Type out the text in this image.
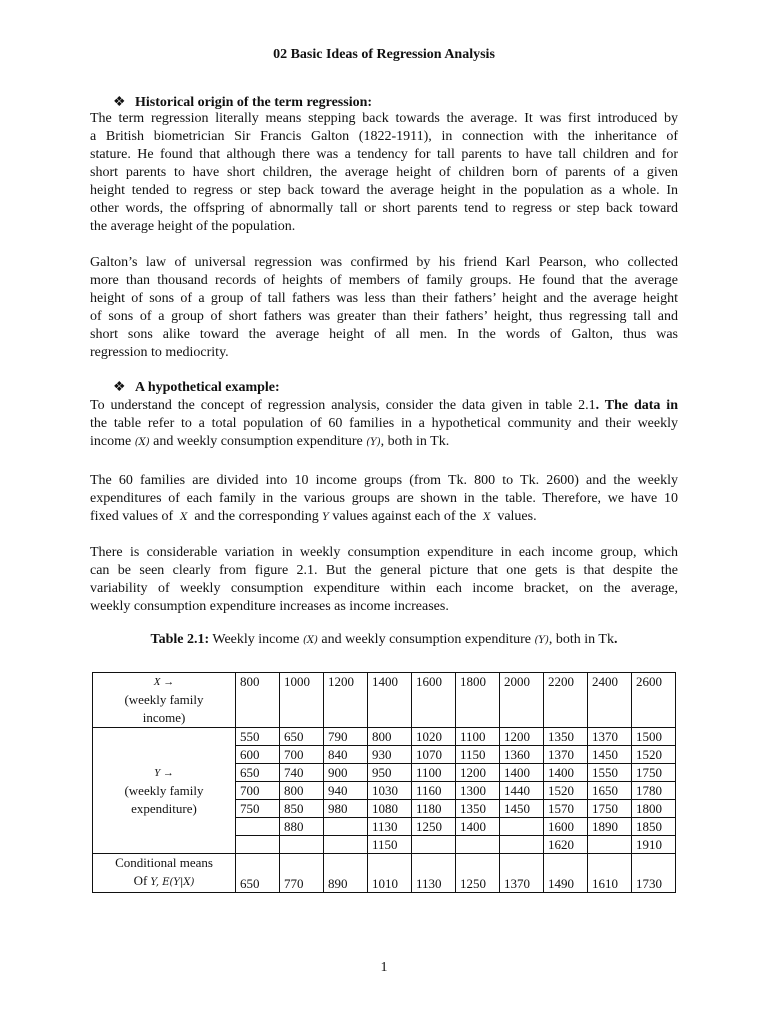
02 Basic Ideas of Regression Analysis
❖ Historical origin of the term regression:
The term regression literally means stepping back towards the average. It was first introduced by
a British biometrician Sir Francis Galton (1822-1911), in connection with the inheritance of
stature. He found that although there was a tendency for tall parents to have tall children and for
short parents to have short children, the average height of children born of parents of a given
height tended to regress or step back toward the average height in the population as a whole. In
other words, the offspring of abnormally tall or short parents tend to regress or step back toward
the average height of the population.
Galton’s law of universal regression was confirmed by his friend Karl Pearson, who collected
more than thousand records of heights of members of family groups. He found that the average
height of sons of a group of tall fathers was less than their fathers’ height and the average height
of sons of a group of short fathers was greater than their fathers’ height, thus regressing tall and
short sons alike toward the average height of all men. In the words of Galton, thus was
regression to mediocrity.
❖ A hypothetical example:
To understand the concept of regression analysis, consider the data given in table 2.1. The data in
the table refer to a total population of 60 families in a hypothetical community and their weekly
income (X) and weekly consumption expenditure (Y), both in Tk.
The 60 families are divided into 10 income groups (from Tk. 800 to Tk. 2600) and the weekly
expenditures of each family in the various groups are shown in the table. Therefore, we have 10
fixed values of X and the corresponding Y values against each of the X values.
There is considerable variation in weekly consumption expenditure in each income group, which
can be seen clearly from figure 2.1. But the general picture that one gets is that despite the
variability of weekly consumption expenditure within each income bracket, on the average,
weekly consumption expenditure increases as income increases.
Table 2.1: Weekly income (X) and weekly consumption expenditure (Y), both in Tk.
X →
(weekly family income)	800	1000	1200	1400	1600	1800	2000	2200	2400	2600

Y →
(weekly family expenditure)	550	650	790	800	1020	1100	1200	1350	1370	1500
	600	700	840	930	1070	1150	1360	1370	1450	1520
	650	740	900	950	1100	1200	1400	1400	1550	1750
	700	800	940	1030	1160	1300	1440	1520	1650	1780
	750	850	980	1080	1180	1350	1450	1570	1750	1800
		880		1130	1250	1400		1600	1890	1850
				1150				1620		1910

Conditional means
Of Y, E(Y|X)	650	770	890	1010	1130	1250	1370	1490	1610	1730
1
